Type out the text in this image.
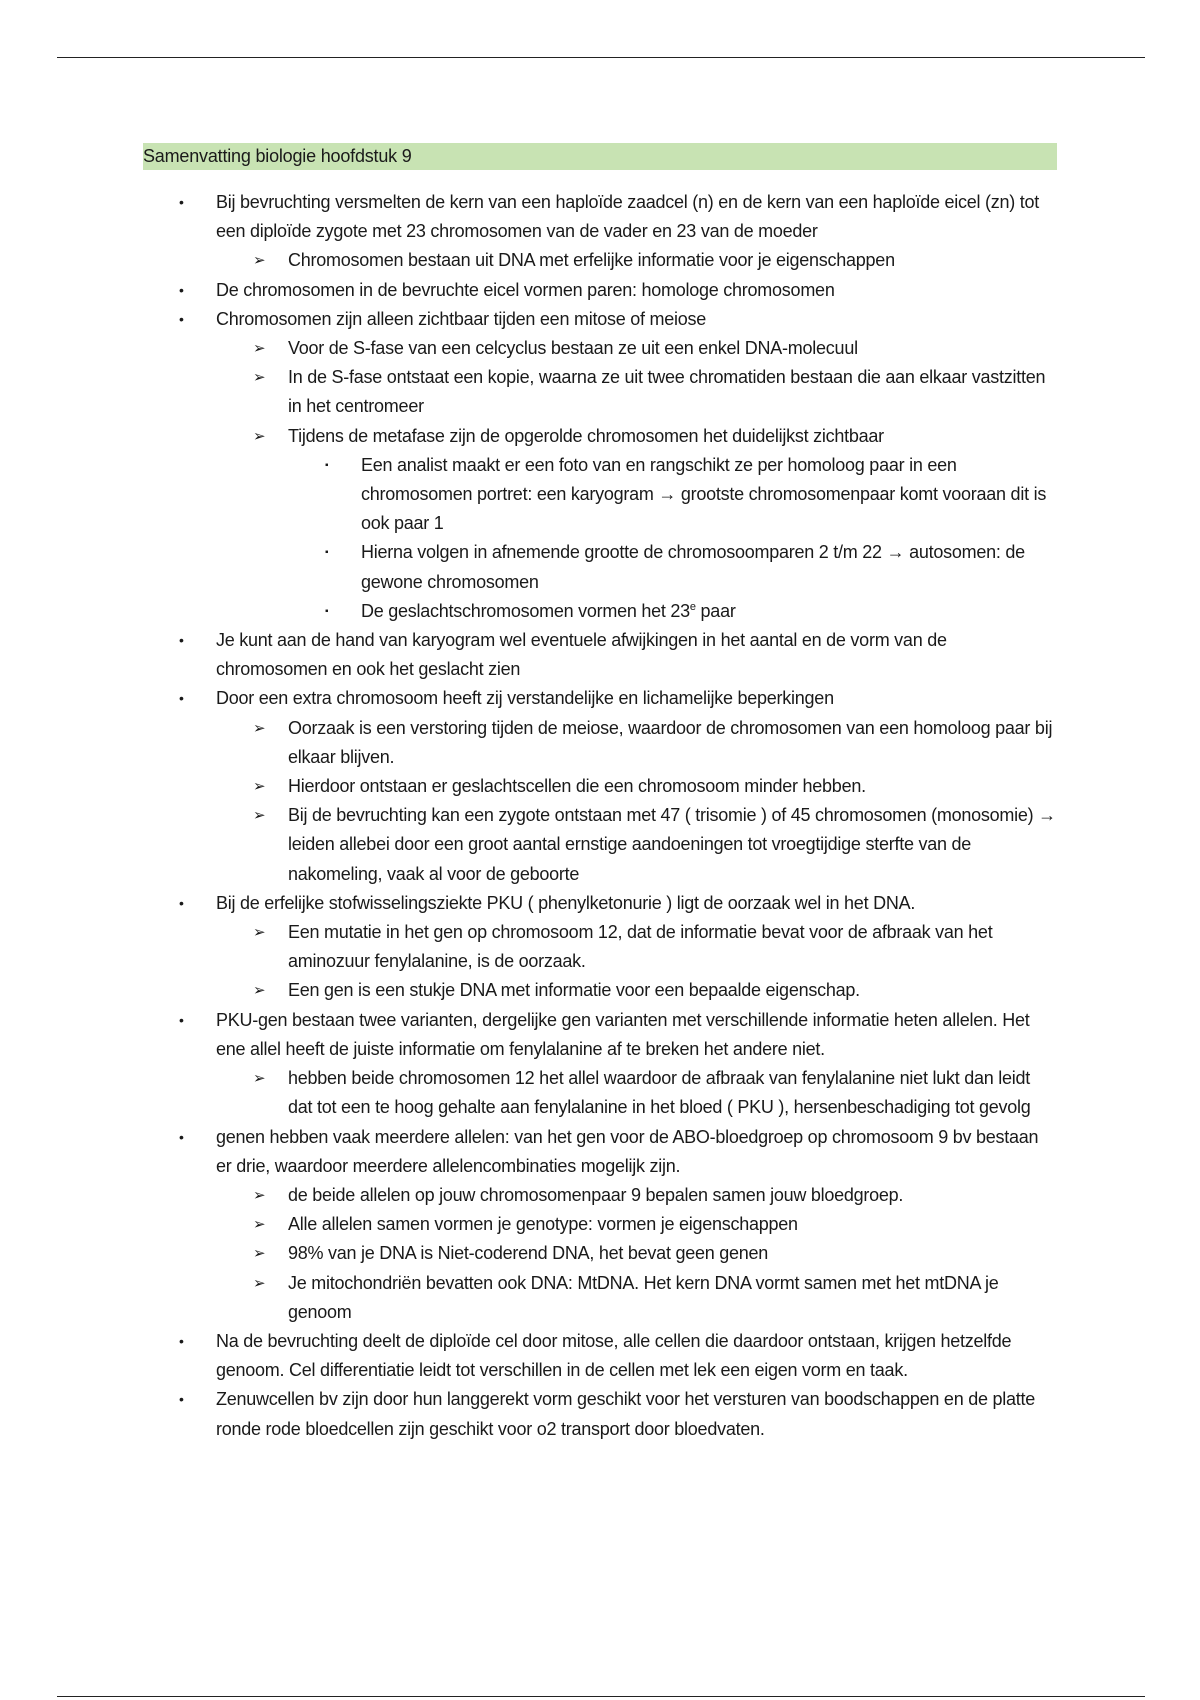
Samenvatting biologie hoofdstuk 9
• Bij bevruchting versmelten de kern van een haploïde zaadcel (n) en de kern van een haploïde eicel (zn) tot een diploïde zygote met 23 chromosomen van de vader en 23 van de moeder
➢ Chromosomen bestaan uit DNA met erfelijke informatie voor je eigenschappen
• De chromosomen in de bevruchte eicel vormen paren: homologe chromosomen
• Chromosomen zijn alleen zichtbaar tijden een mitose of meiose
➢ Voor de S-fase van een celcyclus bestaan ze uit een enkel DNA-molecuul
➢ In de S-fase ontstaat een kopie, waarna ze uit twee chromatiden bestaan die aan elkaar vastzitten in het centromeer
➢ Tijdens de metafase zijn de opgerolde chromosomen het duidelijkst zichtbaar
▪ Een analist maakt er een foto van en rangschikt ze per homoloog paar in een chromosomen portret: een karyogram → grootste chromosomenpaar komt vooraan dit is ook paar 1
▪ Hierna volgen in afnemende grootte de chromosoomparen 2 t/m 22 → autosomen: de gewone chromosomen
▪ De geslachtschromosomen vormen het 23e paar
• Je kunt aan de hand van karyogram wel eventuele afwijkingen in het aantal en de vorm van de chromosomen en ook het geslacht zien
• Door een extra chromosoom heeft zij verstandelijke en lichamelijke beperkingen
➢ Oorzaak is een verstoring tijden de meiose, waardoor de chromosomen van een homoloog paar bij elkaar blijven.
➢ Hierdoor ontstaan er geslachtscellen die een chromosoom minder hebben.
➢ Bij de bevruchting kan een zygote ontstaan met 47 ( trisomie ) of 45 chromosomen (monosomie) → leiden allebei door een groot aantal ernstige aandoeningen tot vroegtijdige sterfte van de nakomeling, vaak al voor de geboorte
• Bij de erfelijke stofwisselingsziekte PKU ( phenylketonurie ) ligt de oorzaak wel in het DNA.
➢ Een mutatie in het gen op chromosoom 12, dat de informatie bevat voor de afbraak van het aminozuur fenylalanine, is de oorzaak.
➢ Een gen is een stukje DNA met informatie voor een bepaalde eigenschap.
• PKU-gen bestaan twee varianten, dergelijke gen varianten met verschillende informatie heten allelen. Het ene allel heeft de juiste informatie om fenylalanine af te breken het andere niet.
➢ hebben beide chromosomen 12 het allel waardoor de afbraak van fenylalanine niet lukt dan leidt dat tot een te hoog gehalte aan fenylalanine in het bloed ( PKU ), hersenbeschadiging tot gevolg
• genen hebben vaak meerdere allelen: van het gen voor de ABO-bloedgroep op chromosoom 9 bv bestaan er drie, waardoor meerdere allelencombinaties mogelijk zijn.
➢ de beide allelen op jouw chromosomenpaar 9 bepalen samen jouw bloedgroep.
➢ Alle allelen samen vormen je genotype: vormen je eigenschappen
➢ 98% van je DNA is Niet-coderend DNA, het bevat geen genen
➢ Je mitochondriën bevatten ook DNA: MtDNA. Het kern DNA vormt samen met het mtDNA je genoom
• Na de bevruchting deelt de diploïde cel door mitose, alle cellen die daardoor ontstaan, krijgen hetzelfde genoom. Cel differentiatie leidt tot verschillen in de cellen met lek een eigen vorm en taak.
• Zenuwcellen bv zijn door hun langgerekt vorm geschikt voor het versturen van boodschappen en de platte ronde rode bloedcellen zijn geschikt voor o2 transport door bloedvaten.
